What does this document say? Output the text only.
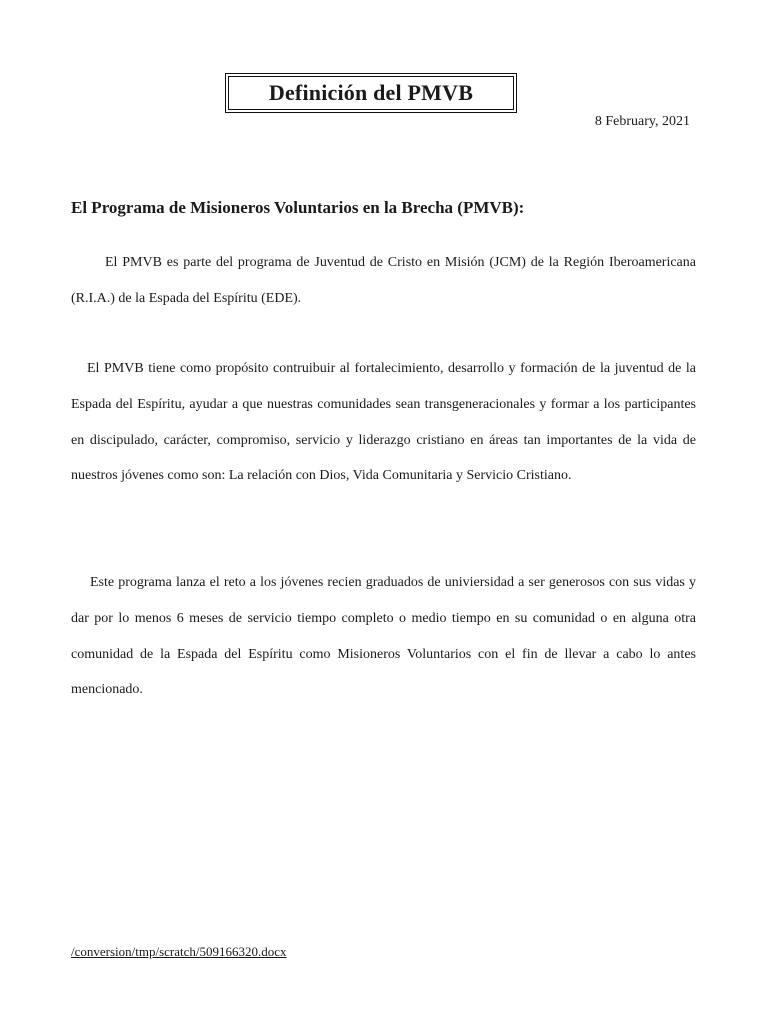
Definición del PMVB
8 February, 2021
El Programa de Misioneros Voluntarios en la Brecha (PMVB):

El PMVB es parte del programa de Juventud de Cristo en Misión (JCM) de la Región Iberoamericana (R.I.A.) de la Espada del Espíritu (EDE).

El PMVB tiene como propósito contruibuir al fortalecimiento, desarrollo y formación de la juventud de la Espada del Espíritu, ayudar a que nuestras comunidades sean transgeneracionales y formar a los participantes en discipulado, carácter, compromiso, servicio y liderazgo cristiano en áreas tan importantes de la vida de nuestros jóvenes como son: La relación con Dios, Vida Comunitaria y Servicio Cristiano.

Este programa lanza el reto a los jóvenes recien graduados de univiersidad a ser generosos con sus vidas y dar por lo menos 6 meses de servicio tiempo completo o medio tiempo en su comunidad o en alguna otra comunidad de la Espada del Espíritu como Misioneros Voluntarios con el fin de llevar a cabo lo antes mencionado.

/conversion/tmp/scratch/509166320.docx
